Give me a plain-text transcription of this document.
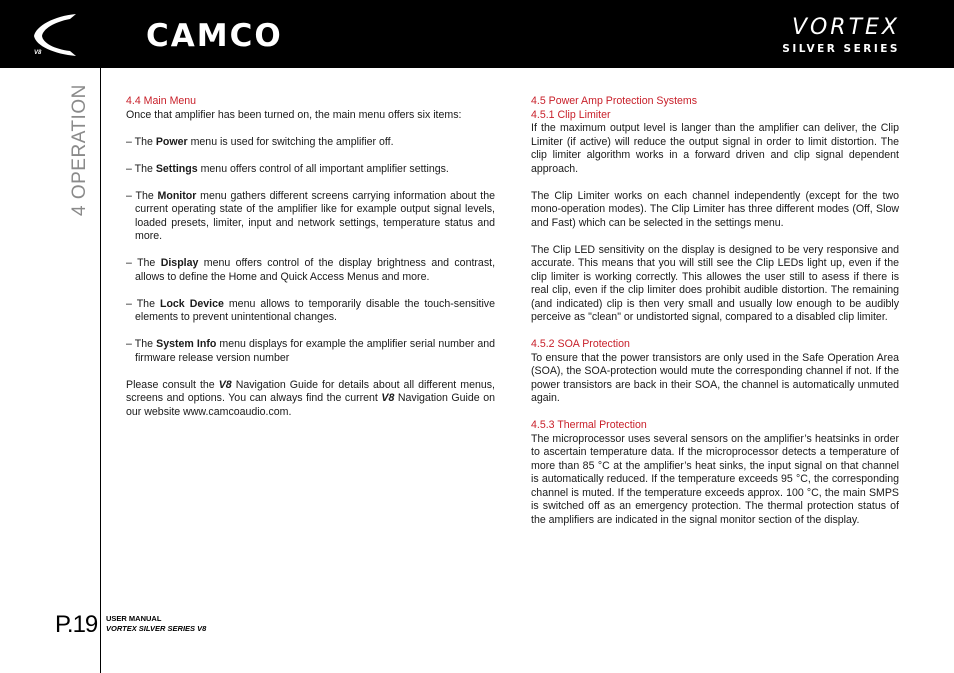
V8	CAMCO	VORTEX
SILVER SERIES
4 OPERATION
P.19 USER MANUAL
VORTEX SILVER SERIES V8
4.4 Main Menu

Once that amplifier has been turned on, the main menu offers six items:

– The Power menu is used for switching the amplifier off.

– The Settings menu offers control of all important amplifier settings.

– The Monitor menu gathers different screens carrying information about the current operating state of the amplifier like for example output signal levels, loaded presets, limiter, input and network settings, temperature status and more.

– The Display menu offers control of the display brightness and contrast, allows to define the Home and Quick Access Menus and more.

– The Lock Device menu allows to temporarily disable the touch-sensitive elements to prevent unintentional changes.

– The System Info menu displays for example the amplifier serial number and firmware release version number

Please consult the V8 Navigation Guide for details about all different menus, screens and options. You can always find the current V8 Navigation Guide on our website www.camcoaudio.com.

4.5 Power Amp Protection Systems
4.5.1 Clip Limiter

If the maximum output level is langer than the amplifier can deliver, the Clip Limiter (if active) will reduce the output signal in order to limit distortion. The clip limiter algorithm works in a forward driven and clip signal dependent approach.

The Clip Limiter works on each channel independently (except for the two mono-operation modes). The Clip Limiter has three different modes (Off, Slow and Fast) which can be selected in the settings menu.

The Clip LED sensitivity on the display is designed to be very responsive and accurate. This means that you will still see the Clip LEDs light up, even if the clip limiter is working correctly. This allowes the user still to asess if there is real clip, even if the clip limiter does prohibit audible distortion. The remaining (and indicated) clip is then very small and usually low enough to be audibly perceive as "clean" or undistorted signal, compared to a disabled clip limiter.

4.5.2 SOA Protection

To ensure that the power transistors are only used in the Safe Operation Area (SOA), the SOA-protection would mute the corresponding channel if not. If the power transistors are back in their SOA, the channel is automatically unmuted again.

4.5.3 Thermal Protection

The microprocessor uses several sensors on the amplifier’s heatsinks in order to ascertain temperature data. If the microprocessor detects a temperature of more than 85 °C at the amplifier’s heat sinks, the input signal on that channel is automatically reduced. If the temperature exceeds 95 °C, the corresponding channel is muted. If the temperature exceeds approx. 100 °C, the main SMPS is switched off as an emergency protection. The thermal protection status of the amplifiers are indicated in the signal monitor section of the display.
